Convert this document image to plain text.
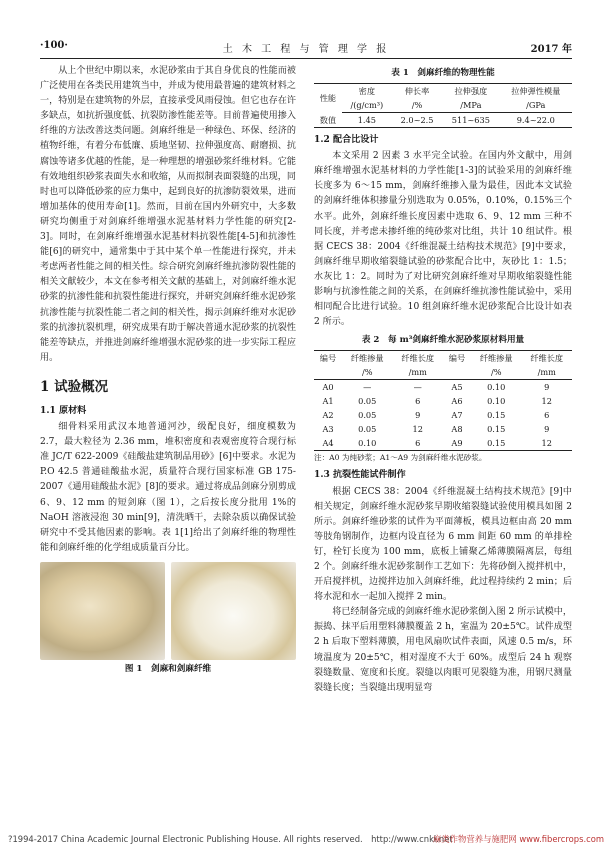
·100·	土 木 工 程 与 管 理 学 报	2017 年

从上个世纪中期以来，水泥砂浆由于其自身优良的性能而被广泛使用在各类民用建筑当中，并成为使用最普遍的建筑材料之一，特别是在建筑物的外层，直接承受风雨侵蚀。但它也存在许多缺点，如抗折强度低、抗裂防渗性能差等。目前普遍使用掺入纤维的方法改善这类问题。剑麻纤维是一种绿色、环保、经济的植物纤维，有着分布低廉、质地坚韧、拉伸强度高、耐磨损、抗腐蚀等诸多优越的性能，是一种理想的增强砂浆纤维材料。它能有效地组织砂浆表面失水和收缩，从而拟制表面裂缝的出现，同时也可以降低砂浆的应力集中，起到良好的抗渗防裂效果，进而增加基体的使用寿命[1]。然而，目前在国内外研究中，大多数研究均侧重于对剑麻纤维增强水泥基材料力学性能的研究[2-3]。同时，在剑麻纤维增强水泥基材料抗裂性能[4-5]和抗渗性能[6]的研究中，通常集中于其中某个单一性能进行探究，并未考虑两者性能之间的相关性。综合研究剑麻纤维抗渗防裂性能的相关文献较少，本文在参考相关文献的基础上，对剑麻纤维水泥砂浆的抗渗性能和抗裂性能进行探究，并研究剑麻纤维水泥砂浆抗渗性能与抗裂性能二者之间的相关性，揭示剑麻纤维对水泥砂浆的抗渗抗裂机理，研究成果有助于解决普通水泥砂浆的抗裂性能差等缺点，并推进剑麻纤维增强水泥砂浆的进一步实际工程应用。

1 试验概况
1.1 原材料

细骨料采用武汉本地普通河沙，级配良好，细度模数为 2.7，最大粒径为 2.36 mm，堆积密度和表观密度符合现行标准 JC/T 622-2009《硅酸盐建筑制品用砂》[6]中要求。水泥为 P.O 42.5 普通硅酸盐水泥，质量符合现行国家标准 GB 175-2007《通用硅酸盐水泥》[8]的要求。通过将成品剑麻分别剪成 6、9、12 mm 的短剑麻（图 1），之后按长度分批用 1%的 NaOH 溶液浸泡 30 min[9]，清洗晒干，去除杂质以确保试验研究中不受其他因素的影响。表 1[1]给出了剑麻纤维的物理性能和剑麻纤维的化学组成质量百分比。

图 1　剑麻和剑麻纤维
表 1　剑麻纤维的物理性能
性能	密度	伸长率	拉伸强度	拉伸弹性模量
	/(g/cm³)	/%	/MPa	/GPa
数值	1.45	2.0~2.5	511~635	9.4~22.0
1.2 配合比设计

本文采用 2 因素 3 水平完全试验。在国内外文献中，用剑麻纤维增强水泥基材料的力学性能[1-3]的试验采用的剑麻纤维长度多为 6～15 mm，剑麻纤维掺入量为最佳，因此本文试验的剑麻纤维体积掺量分别选取为 0.05%，0.10%，0.15%三个水平。此外，剑麻纤维长度因素中选取 6、9、12 mm 三种不同长度，并考虑未掺纤维的纯砂浆对比组，共计 10 组试件。根据 CECS 38：2004《纤维混凝土结构技术规范》[9]中要求，剑麻纤维早期收缩裂缝试验的砂浆配合比中，灰砂比 1：1.5；水灰比 1：2。同时为了对比研究剑麻纤维对早期收缩裂缝性能影响与抗渗性能之间的关系，在剑麻纤维抗渗性能试验中，采用相同配合比进行试验。10 组剑麻纤维水泥砂浆配合比设计如表 2 所示。

表 2　每 m³剑麻纤维水泥砂浆原材料用量
编号	纤维掺量	纤维长度	编号	纤维掺量	纤维长度
	/%	/mm		/%	/mm
A0	—	—	A5	0.10	9
A1	0.05	6	A6	0.10	12
A2	0.05	9	A7	0.15	6
A3	0.05	12	A8	0.15	9
A4	0.10	6	A9	0.15	12
注：A0 为纯砂浆；A1～A9 为剑麻纤维水泥砂浆。
1.3 抗裂性能试件制作

根据 CECS 38：2004《纤维混凝土结构技术规范》[9]中相关规定，剑麻纤维水泥砂浆早期收缩裂缝试验使用模具如图 2 所示。剑麻纤维砂浆的试件为平面薄板，模具边框由高 20 mm 等肢角钢制作，边框内设直径为 6 mm 间距 60 mm 的单排栓钉，栓钉长度为 100 mm，底板上铺聚乙烯薄膜隔离层，每组 2 个。剑麻纤维水泥砂浆制作工艺如下：先将砂倒入搅拌机中，开启搅拌机，边搅拌边加入剑麻纤维，此过程持续约 2 min；后将水泥和水一起加入搅拌 2 min。

将已经制备完成的剑麻纤维水泥砂浆倒入图 2 所示试模中，振捣、抹平后用塑料薄膜覆盖 2 h，室温为 20±5℃。试件成型 2 h 后取下塑料薄膜，用电风扇吹试件表面，风速 0.5 m/s，环境温度为 20±5℃，相对湿度不大于 60%。成型后 24 h 观察裂缝数量、宽度和长度。裂缝以肉眼可见裂缝为准，用钢尺测量裂缝长度；当裂缝出现明显弯

?1994-2017 China Academic Journal Electronic Publishing House. All rights reserved.　http://www.cnki.net
麻类作物营养与施肥网 www.fibercrops.com
